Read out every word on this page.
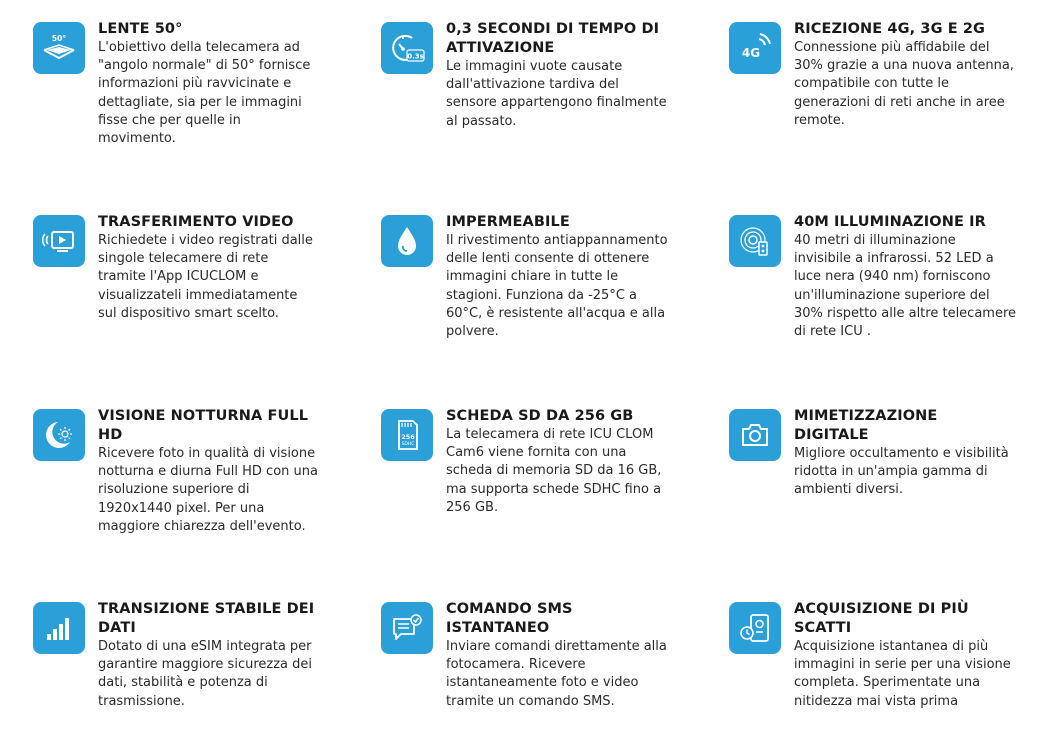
50°
LENTE 50°
L'obiettivo della telecamera ad "angolo normale" di 50° fornisce informazioni più ravvicinate e dettagliate, sia per le immagini fisse che per quelle in movimento.
0.3s
0,3 SECONDI DI TEMPO DI ATTIVAZIONE
Le immagini vuote causate dall'attivazione tardiva del sensore appartengono finalmente al passato.
4G
RICEZIONE 4G, 3G E 2G
Connessione più affidabile del 30% grazie a una nuova antenna, compatibile con tutte le generazioni di reti anche in aree remote.
TRASFERIMENTO VIDEO
Richiedete i video registrati dalle singole telecamere di rete tramite l'App ICUCLOM e visualizzateli immediatamente sul dispositivo smart scelto.
IMPERMEABILE
Il rivestimento antiappannamento delle lenti consente di ottenere immagini chiare in tutte le stagioni. Funziona da -25°C a 60°C, è resistente all'acqua e alla polvere.
40M ILLUMINAZIONE IR
40 metri di illuminazione invisibile a infrarossi. 52 LED a luce nera (940 nm) forniscono un'illuminazione superiore del 30% rispetto alle altre telecamere di rete ICU .
VISIONE NOTTURNA FULL HD
Ricevere foto in qualità di visione notturna e diurna Full HD con una risoluzione superiore di 1920x1440 pixel. Per una maggiore chiarezza dell'evento.
256
SDHC
SCHEDA SD DA 256 GB
La telecamera di rete ICU CLOM Cam6 viene fornita con una scheda di memoria SD da 16 GB, ma supporta schede SDHC fino a 256 GB.
MIMETIZZAZIONE DIGITALE
Migliore occultamento e visibilità ridotta in un'ampia gamma di ambienti diversi.
TRANSIZIONE STABILE DEI DATI
Dotato di una eSIM integrata per garantire maggiore sicurezza dei dati, stabilità e potenza di trasmissione.
COMANDO SMS ISTANTANEO
Inviare comandi direttamente alla fotocamera. Ricevere istantaneamente foto e video tramite un comando SMS.
ACQUISIZIONE DI PIÙ SCATTI
Acquisizione istantanea di più immagini in serie per una visione completa. Sperimentate una nitidezza mai vista prima
